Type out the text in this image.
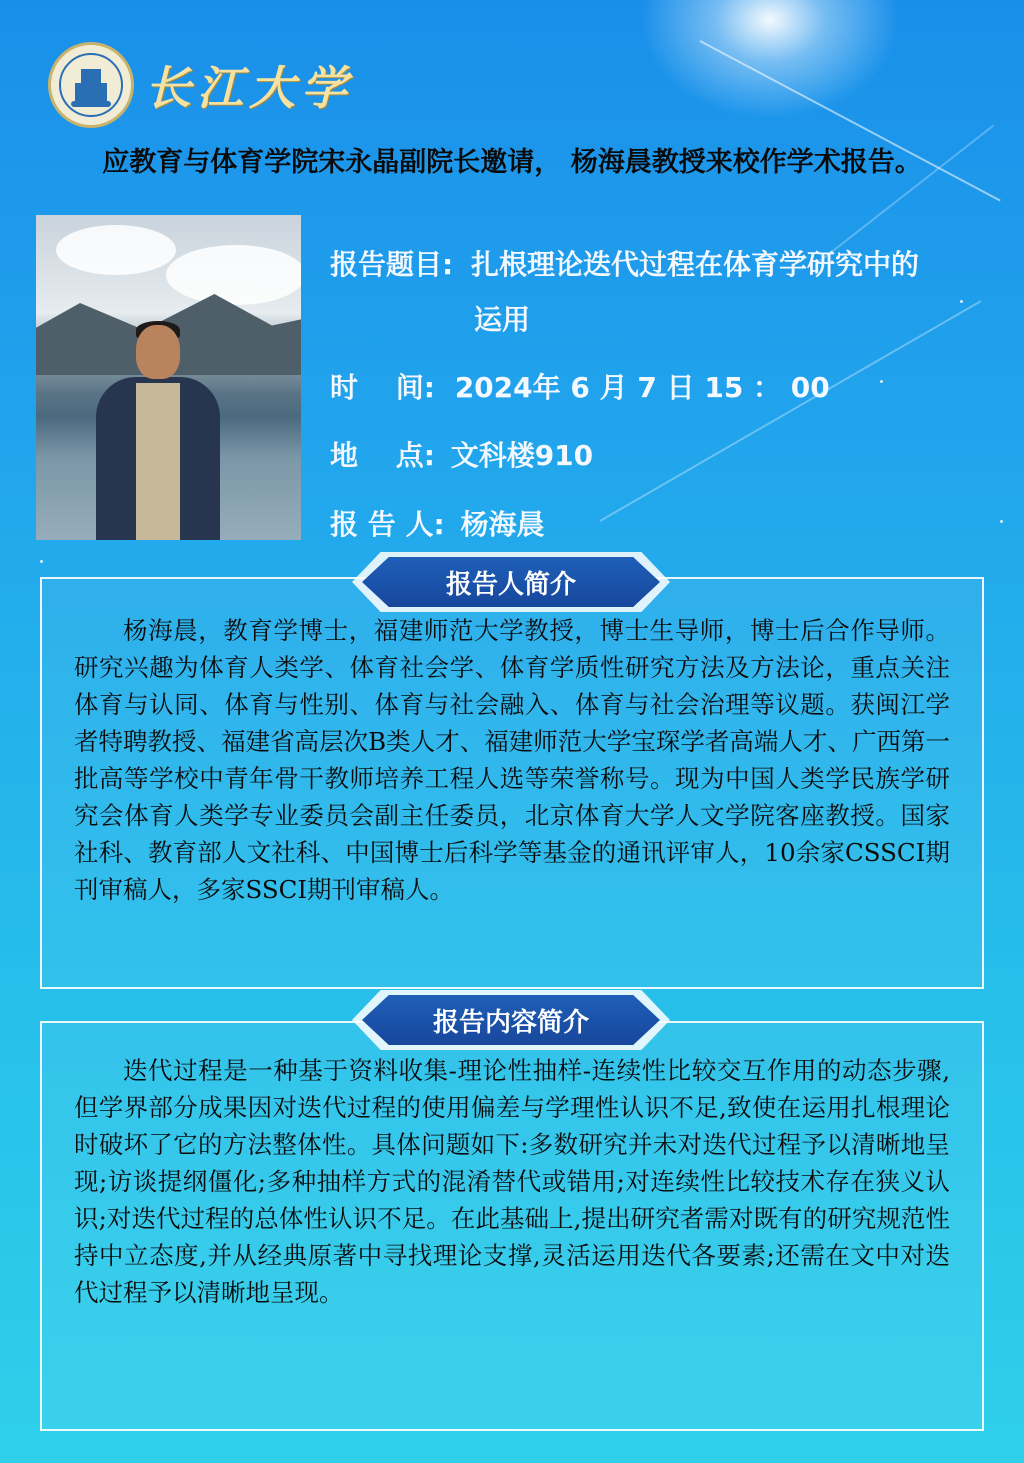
长江大学
应教育与体育学院宋永晶副院长邀请， 杨海晨教授来校作学术报告。
报告题目: 扎根理论迭代过程在体育学研究中的
运用
时　 间: 2024年 6 月 7 日 15 ： 00
地　 点: 文科楼910
报 告 人: 杨海晨
报告人简介
杨海晨，教育学博士，福建师范大学教授，博士生导师，博士后合作导师。研究兴趣为体育人类学、体育社会学、体育学质性研究方法及方法论，重点关注体育与认同、体育与性别、体育与社会融入、体育与社会治理等议题。获闽江学者特聘教授、福建省高层次B类人才、福建师范大学宝琛学者高端人才、广西第一批高等学校中青年骨干教师培养工程人选等荣誉称号。现为中国人类学民族学研究会体育人类学专业委员会副主任委员，北京体育大学人文学院客座教授。国家社科、教育部人文社科、中国博士后科学等基金的通讯评审人，10余家CSSCI期刊审稿人，多家SSCI期刊审稿人。
报告内容简介
迭代过程是一种基于资料收集-理论性抽样-连续性比较交互作用的动态步骤,但学界部分成果因对迭代过程的使用偏差与学理性认识不足,致使在运用扎根理论时破坏了它的方法整体性。具体问题如下:多数研究并未对迭代过程予以清晰地呈现;访谈提纲僵化;多种抽样方式的混淆替代或错用;对连续性比较技术存在狭义认识;对迭代过程的总体性认识不足。在此基础上,提出研究者需对既有的研究规范性持中立态度,并从经典原著中寻找理论支撑,灵活运用迭代各要素;还需在文中对迭代过程予以清晰地呈现。
